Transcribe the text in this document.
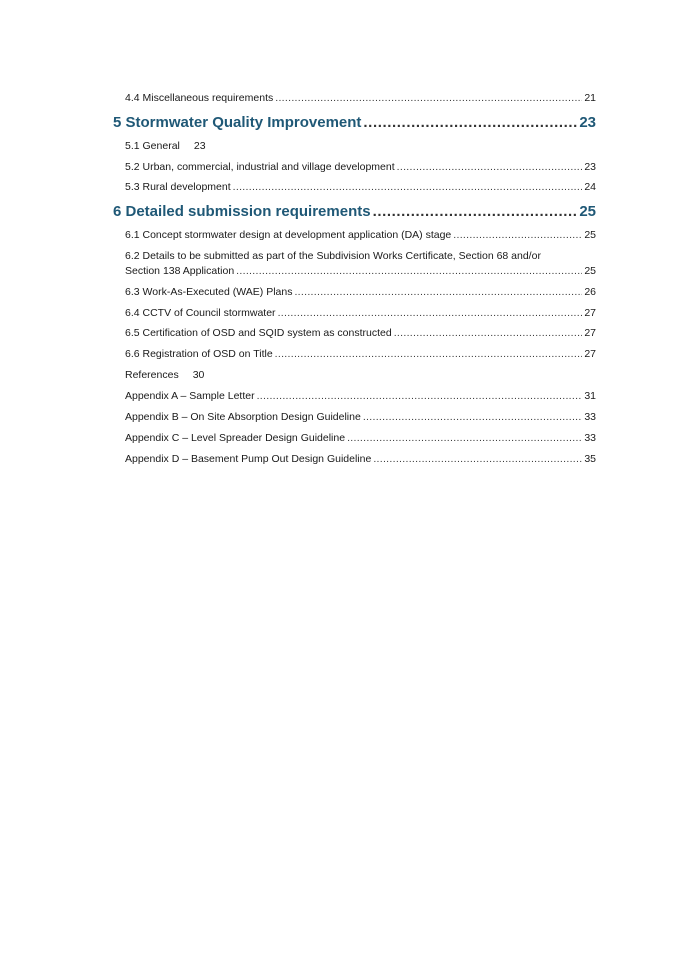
4.4 Miscellaneous requirements .....	21
5 Stormwater Quality Improvement .....	23
5.1 General 23
5.2 Urban, commercial, industrial and village development .....	23
5.3 Rural development .....	24
6 Detailed submission requirements .....	25
6.1 Concept stormwater design at development application (DA) stage .....	25
6.2 Details to be submitted as part of the Subdivision Works Certificate, Section 68 and/or
Section 138 Application .....	25
6.3 Work-As-Executed (WAE) Plans .....	26
6.4 CCTV of Council stormwater .....	27
6.5 Certification of OSD and SQID system as constructed .....	27
6.6 Registration of OSD on Title .....	27
References 30
Appendix A – Sample Letter .....	31
Appendix B – On Site Absorption Design Guideline .....	33
Appendix C – Level Spreader Design Guideline .....	33
Appendix D – Basement Pump Out Design Guideline .....	35
